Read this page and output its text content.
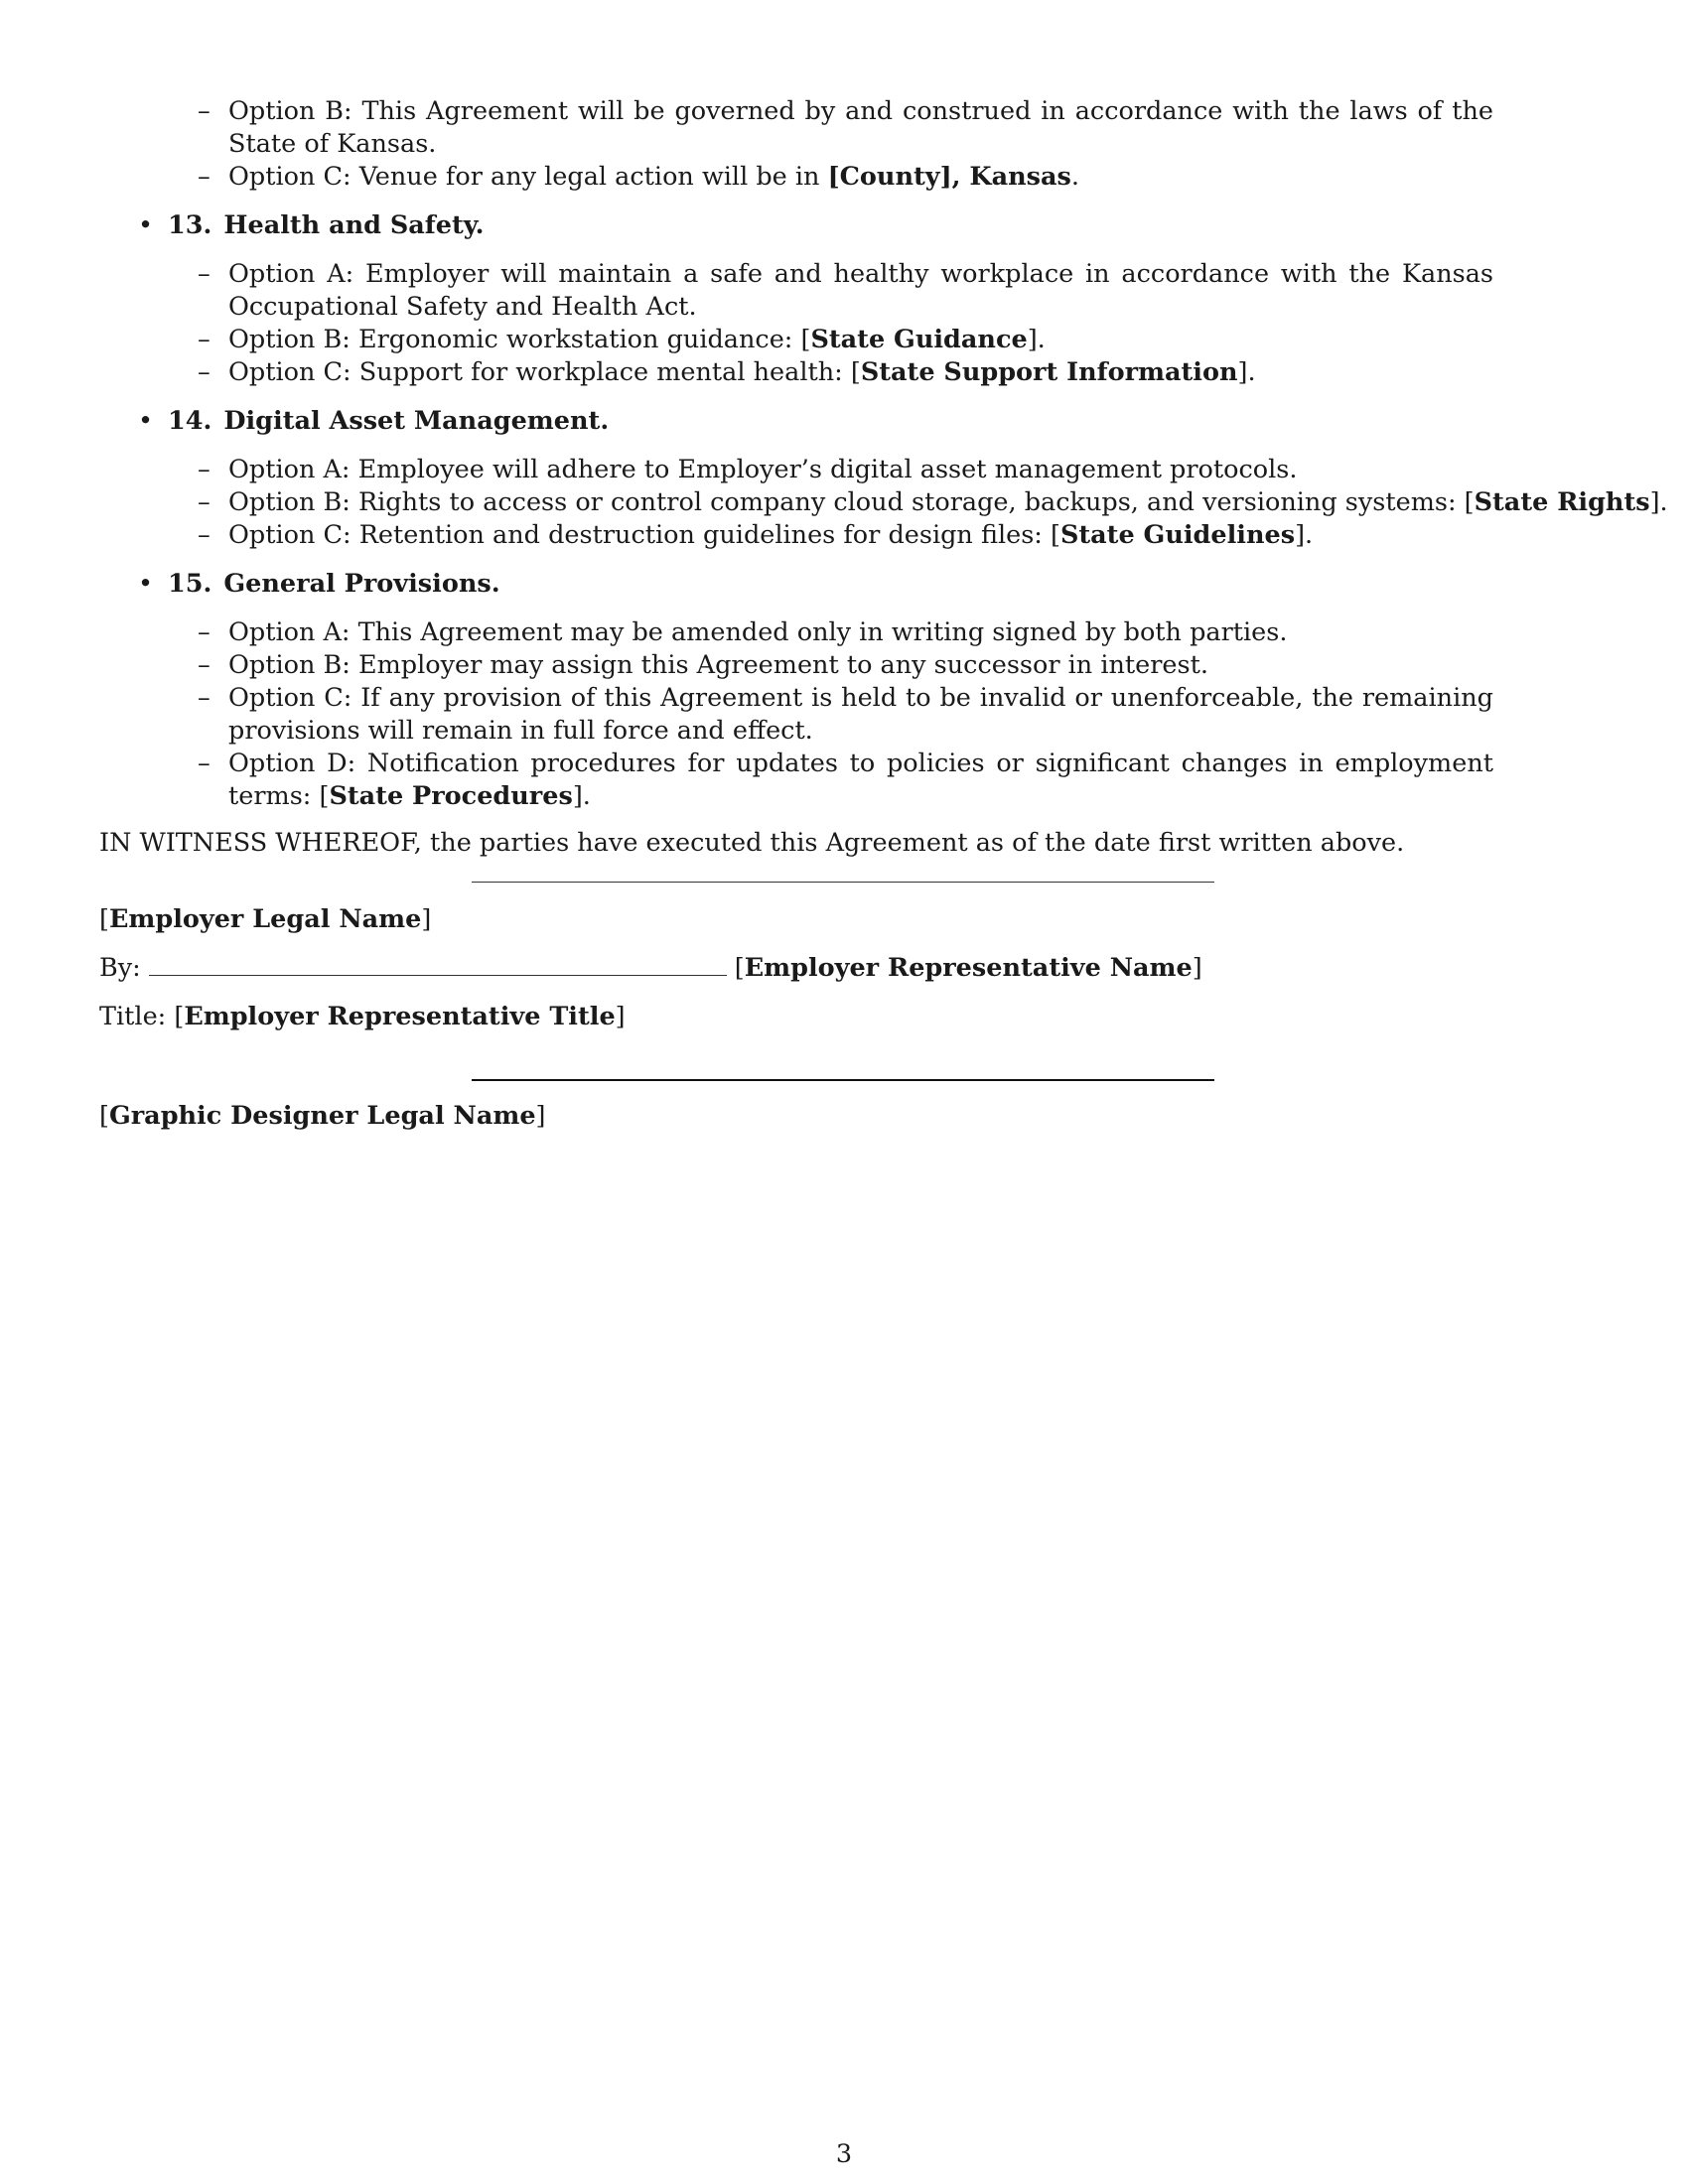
– Option B: This Agreement will be governed by and construed in accordance with the laws of the State of Kansas.
– Option C: Venue for any legal action will be in [County], Kansas.
• 13. Health and Safety.
– Option A: Employer will maintain a safe and healthy workplace in accordance with the Kansas Occupational Safety and Health Act.
– Option B: Ergonomic workstation guidance: [State Guidance].
– Option C: Support for workplace mental health: [State Support Information].
• 14. Digital Asset Management.
– Option A: Employee will adhere to Employer’s digital asset management protocols.
– Option B: Rights to access or control company cloud storage, backups, and versioning systems: [State Rights].
– Option C: Retention and destruction guidelines for design files: [State Guidelines].
• 15. General Provisions.
– Option A: This Agreement may be amended only in writing signed by both parties.
– Option B: Employer may assign this Agreement to any successor in interest.
– Option C: If any provision of this Agreement is held to be invalid or unenforceable, the remaining provisions will remain in full force and effect.
– Option D: Notification procedures for updates to policies or significant changes in employment terms: [State Procedures].
IN WITNESS WHEREOF, the parties have executed this Agreement as of the date first written above.
[Employer Legal Name]
By:	[Employer Representative Name]
Title: [Employer Representative Title]
[Graphic Designer Legal Name]
3
